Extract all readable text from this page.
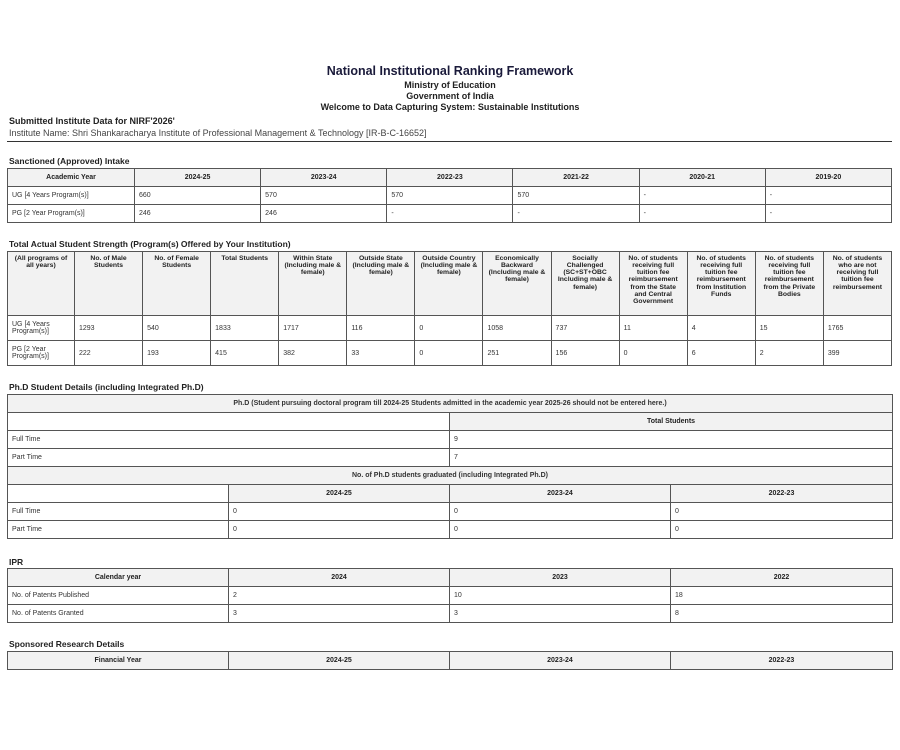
National Institutional Ranking Framework
Ministry of Education
Government of India
Welcome to Data Capturing System: Sustainable Institutions
Submitted Institute Data for NIRF'2026'
Institute Name: Shri Shankaracharya Institute of Professional Management & Technology [IR-B-C-16652]
Sanctioned (Approved) Intake
Academic Year	2024-25	2023-24	2022-23	2021-22	2020-21	2019-20
UG [4 Years Program(s)]	660	570	570	570	-	-
PG [2 Year Program(s)]	246	246	-	-	-	-
Total Actual Student Strength (Program(s) Offered by Your Institution)
(All programs of all years)	No. of Male Students	No. of Female Students	Total Students	Within State (Including male & female)	Outside State (Including male & female)	Outside Country (Including male & female)	Economically Backward (Including male & female)	Socially Challenged (SC+ST+OBC Including male & female)	No. of students receiving full tuition fee reimbursement from the State and Central Government	No. of students receiving full tuition fee reimbursement from Institution Funds	No. of students receiving full tuition fee reimbursement from the Private Bodies	No. of students who are not receiving full tuition fee reimbursement
UG [4 Years Program(s)]	1293	540	1833	1717	116	0	1058	737	11	4	15	1765
PG [2 Year Program(s)]	222	193	415	382	33	0	251	156	0	6	2	399
Ph.D Student Details (including Integrated Ph.D)
Ph.D (Student pursuing doctoral program till 2024-25 Students admitted in the academic year 2025-26 should not be entered here.)			
		Total Students	
Full Time		9	
Part Time		7	
No. of Ph.D students graduated (including Integrated Ph.D)			
	2024-25	2023-24	2022-23
Full Time	0	0	0
Part Time	0	0	0
IPR
Calendar year	2024	2023	2022
No. of Patents Published	2	10	18
No. of Patents Granted	3	3	8
Sponsored Research Details
Financial Year	2024-25	2023-24	2022-23
